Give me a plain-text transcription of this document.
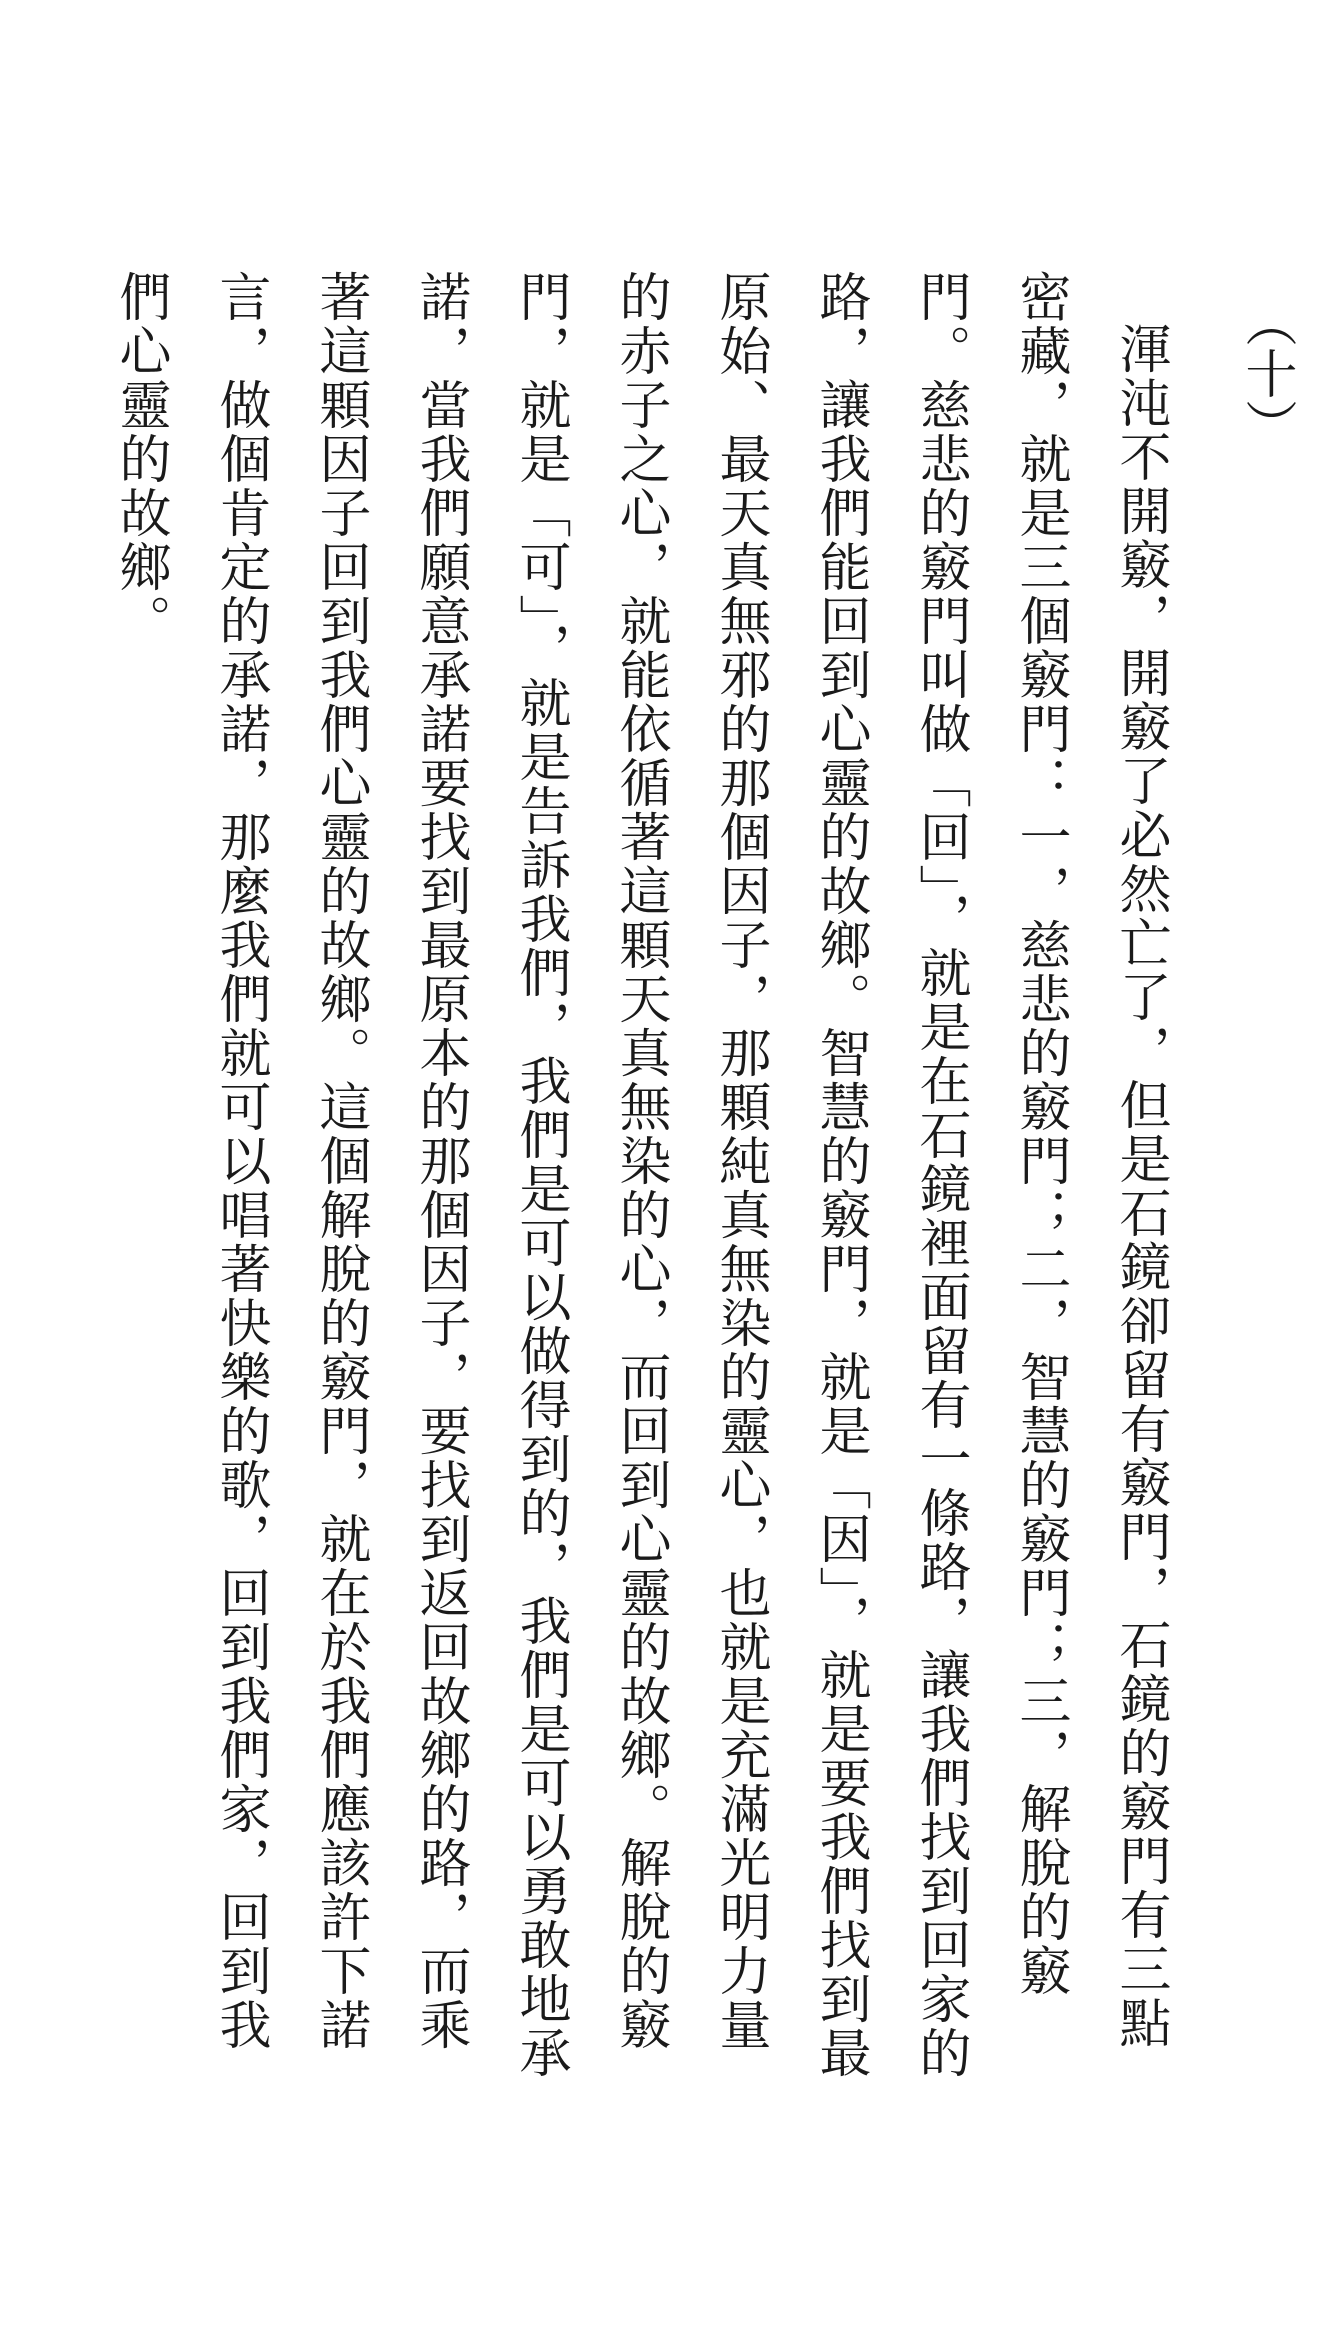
（十）

渾沌不開竅，開竅了必然亡了，但是石鏡卻留有竅門，石鏡的竅門有三點密藏，就是三個竅門：一，慈悲的竅門；二，智慧的竅門；三，解脫的竅門。慈悲的竅門叫做「回」，就是在石鏡裡面留有一條路，讓我們找到回家的路，讓我們能回到心靈的故鄉。智慧的竅門，就是「因」，就是要我們找到最原始、最天真無邪的那個因子，那顆純真無染的靈心，也就是充滿光明力量的赤子之心，就能依循著這顆天真無染的心，而回到心靈的故鄉。解脫的竅門，就是「可」，就是告訴我們，我們是可以做得到的，我們是可以勇敢地承諾，當我們願意承諾要找到最原本的那個因子，要找到返回故鄉的路，而乘著這顆因子回到我們心靈的故鄉。這個解脫的竅門，就在於我們應該許下諾言，做個肯定的承諾，那麼我們就可以唱著快樂的歌，回到我們家，回到我們心靈的故鄉。
